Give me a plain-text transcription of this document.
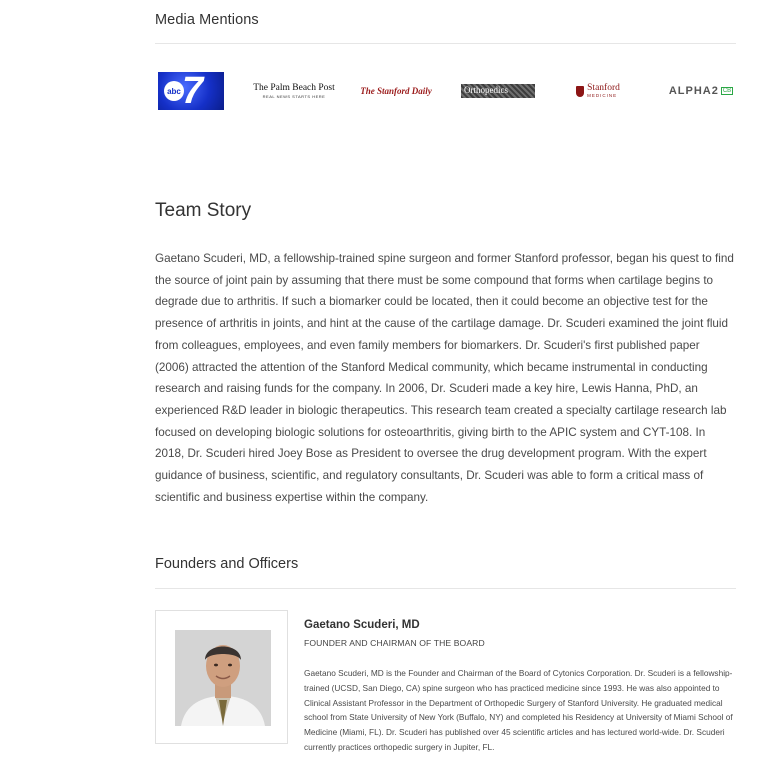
Media Mentions
abc 7	The Palm Beach Post
REAL NEWS STARTS HERE
The Stanford Daily	Orthopedics	Stanford
MEDICINE	ALPHA2 CB
Team Story

Gaetano Scuderi, MD, a fellowship-trained spine surgeon and former Stanford professor, began his quest to find the source of joint pain by assuming that there must be some compound that forms when cartilage begins to degrade due to arthritis. If such a biomarker could be located, then it could become an objective test for the presence of arthritis in joints, and hint at the cause of the cartilage damage. Dr. Scuderi examined the joint fluid from colleagues, employees, and even family members for biomarkers. Dr. Scuderi's first published paper (2006) attracted the attention of the Stanford Medical community, which became instrumental in conducting research and raising funds for the company. In 2006, Dr. Scuderi made a key hire, Lewis Hanna, PhD, an experienced R&D leader in biologic therapeutics. This research team created a specialty cartilage research lab focused on developing biologic solutions for osteoarthritis, giving birth to the APIC system and CYT-108. In 2018, Dr. Scuderi hired Joey Bose as President to oversee the drug development program. With the expert guidance of business, scientific, and regulatory consultants, Dr. Scuderi was able to form a critical mass of scientific and business expertise within the company.

Founders and Officers
Gaetano Scuderi, MD
FOUNDER AND CHAIRMAN OF THE BOARD

Gaetano Scuderi, MD is the Founder and Chairman of the Board of Cytonics Corporation. Dr. Scuderi is a fellowship-trained (UCSD, San Diego, CA) spine surgeon who has practiced medicine since 1993. He was also appointed to Clinical Assistant Professor in the Department of Orthopedic Surgery of Stanford University. He graduated medical school from State University of New York (Buffalo, NY) and completed his Residency at University of Miami School of Medicine (Miami, FL). Dr. Scuderi has published over 45 scientific articles and has lectured world-wide. Dr. Scuderi currently practices orthopedic surgery in Jupiter, FL.
